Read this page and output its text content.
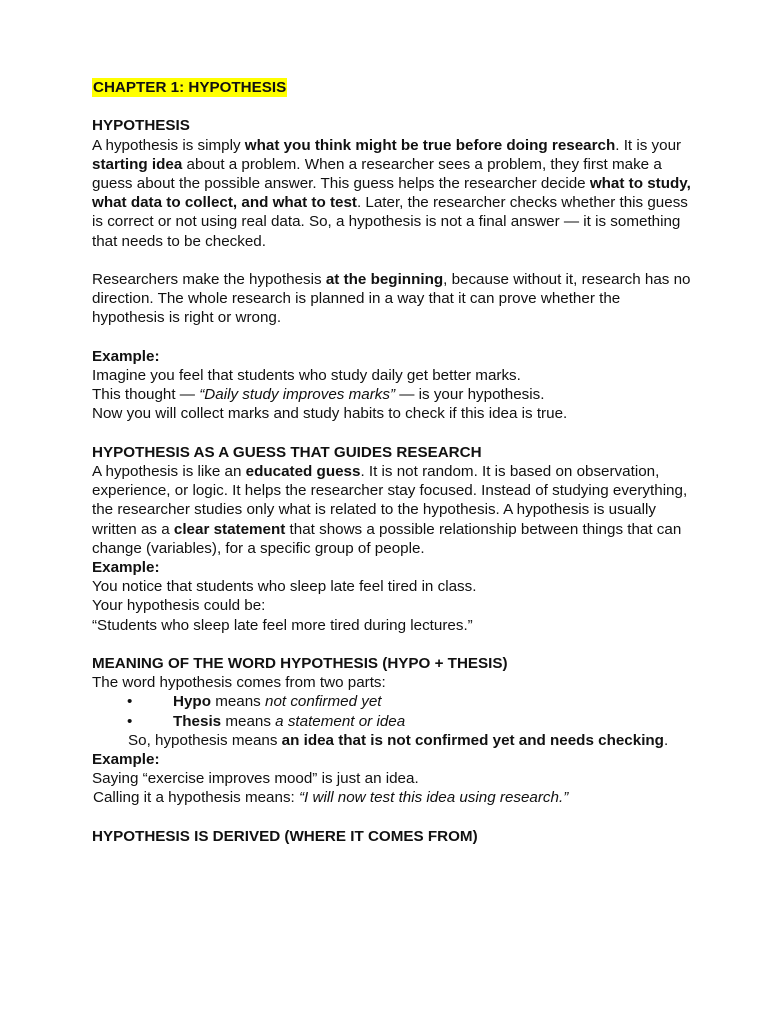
CHAPTER 1: HYPOTHESIS

HYPOTHESIS

A hypothesis is simply what you think might be true before doing research. It is your starting idea about a problem. When a researcher sees a problem, they first make a guess about the possible answer. This guess helps the researcher decide what to study, what data to collect, and what to test. Later, the researcher checks whether this guess is correct or not using real data. So, a hypothesis is not a final answer — it is something that needs to be checked.

Researchers make the hypothesis at the beginning, because without it, research has no direction. The whole research is planned in a way that it can prove whether the hypothesis is right or wrong.

Example:

Imagine you feel that students who study daily get better marks.

This thought — “Daily study improves marks” — is your hypothesis.

Now you will collect marks and study habits to check if this idea is true.

HYPOTHESIS AS A GUESS THAT GUIDES RESEARCH

A hypothesis is like an educated guess. It is not random. It is based on observation, experience, or logic. It helps the researcher stay focused. Instead of studying everything, the researcher studies only what is related to the hypothesis. A hypothesis is usually written as a clear statement that shows a possible relationship between things that can change (variables), for a specific group of people.

Example:

You notice that students who sleep late feel tired in class.

Your hypothesis could be:

“Students who sleep late feel more tired during lectures.”

MEANING OF THE WORD HYPOTHESIS (HYPO + THESIS)

The word hypothesis comes from two parts:

•	Hypo means not confirmed yet
•	Thesis means a statement or idea

So, hypothesis means an idea that is not confirmed yet and needs checking.

Example:

Saying “exercise improves mood” is just an idea.

Calling it a hypothesis means: “I will now test this idea using research.”

HYPOTHESIS IS DERIVED (WHERE IT COMES FROM)
